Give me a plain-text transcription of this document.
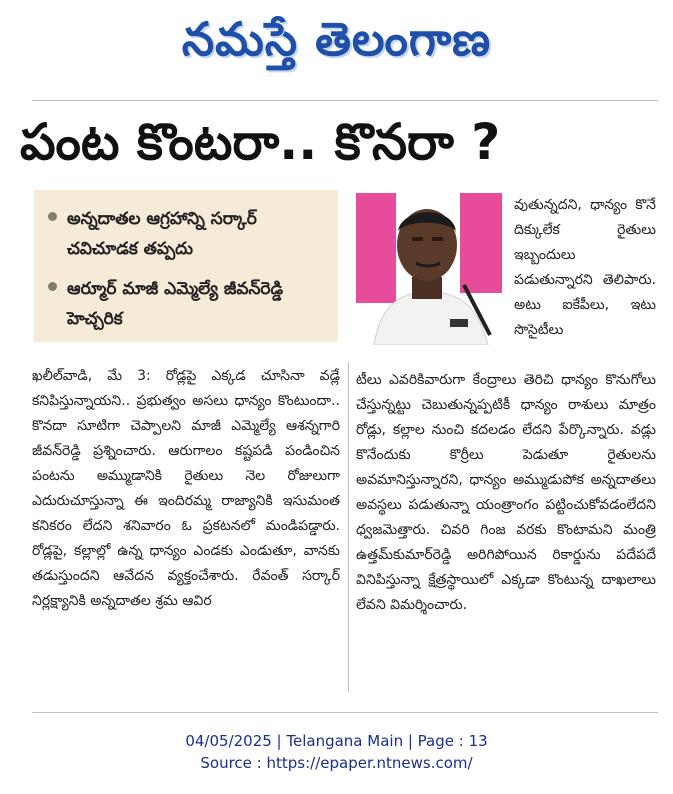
నమస్తే తెలంగాణ
పంట కొంటరా.. కొనరా ?
అన్నదాతల ఆగ్రహాన్ని సర్కార్ చవిచూడక తప్పదు
ఆర్మూర్ మాజీ ఎమ్మెల్యే జీవన్‌రెడ్డి హెచ్చరిక
వుతున్నదని, ధాన్యం కొనే దిక్కులేక రైతులు ఇబ్బందులు పడుతున్నారని తెలిపారు. అటు ఐకేపీలు, ఇటు సొసైటీలు
ఖలీల్‌వాడి, మే 3: రోడ్లపై ఎక్కడ చూసినా వడ్లే కనిపిస్తున్నాయని.. ప్రభుత్వం అసలు ధాన్యం కొంటుందా.. కొనదా సూటిగా చెప్పాలని మాజీ ఎమ్మెల్యే ఆశన్నగారి జీవన్‌రెడ్డి ప్రశ్నించారు. ఆరుగాలం కష్టపడి పండించిన పంటను అమ్ముడానికి రైతులు నెల రోజులుగా ఎదురుచూస్తున్నా ఈ ఇందిరమ్మ రాజ్యానికి ఇసుమంత కనికరం లేదని శనివారం ఓ ప్రకటనలో మండిపడ్డారు. రోడ్లపై, కల్లాల్లో ఉన్న ధాన్యం ఎండకు ఎండుతూ, వానకు తడుస్తుందని ఆవేదన వ్యక్తంచేశారు. రేవంత్ సర్కార్ నిర్లక్ష్యానికి అన్నదాతల శ్రమ ఆవిర
టీలు ఎవరికివారుగా కేంద్రాలు తెరిచి ధాన్యం కొనుగోలు చేస్తున్నట్టు చెబుతున్నప్పటికీ ధాన్యం రాశులు మాత్రం రోడ్లు, కల్లాల నుంచి కదలడం లేదని పేర్కొన్నారు. వడ్లు కొనేందుకు కొర్రీలు పెడుతూ రైతులను అవమానిస్తున్నారని, ధాన్యం అమ్ముడుపోక అన్నదాతలు అవస్థలు పడుతున్నా యంత్రాంగం పట్టించుకోవడంలేదని ధ్వజమెత్తారు. చివరి గింజ వరకు కొంటామని మంత్రి ఉత్తమ్‌కుమార్‌రెడ్డి అరిగిపోయిన రికార్డును పదేపదే వినిపిస్తున్నా క్షేత్రస్థాయిలో ఎక్కడా కొంటున్న దాఖలాలు లేవని విమర్శించారు.
04/05/2025 | Telangana Main | Page : 13
Source : https://epaper.ntnews.com/
